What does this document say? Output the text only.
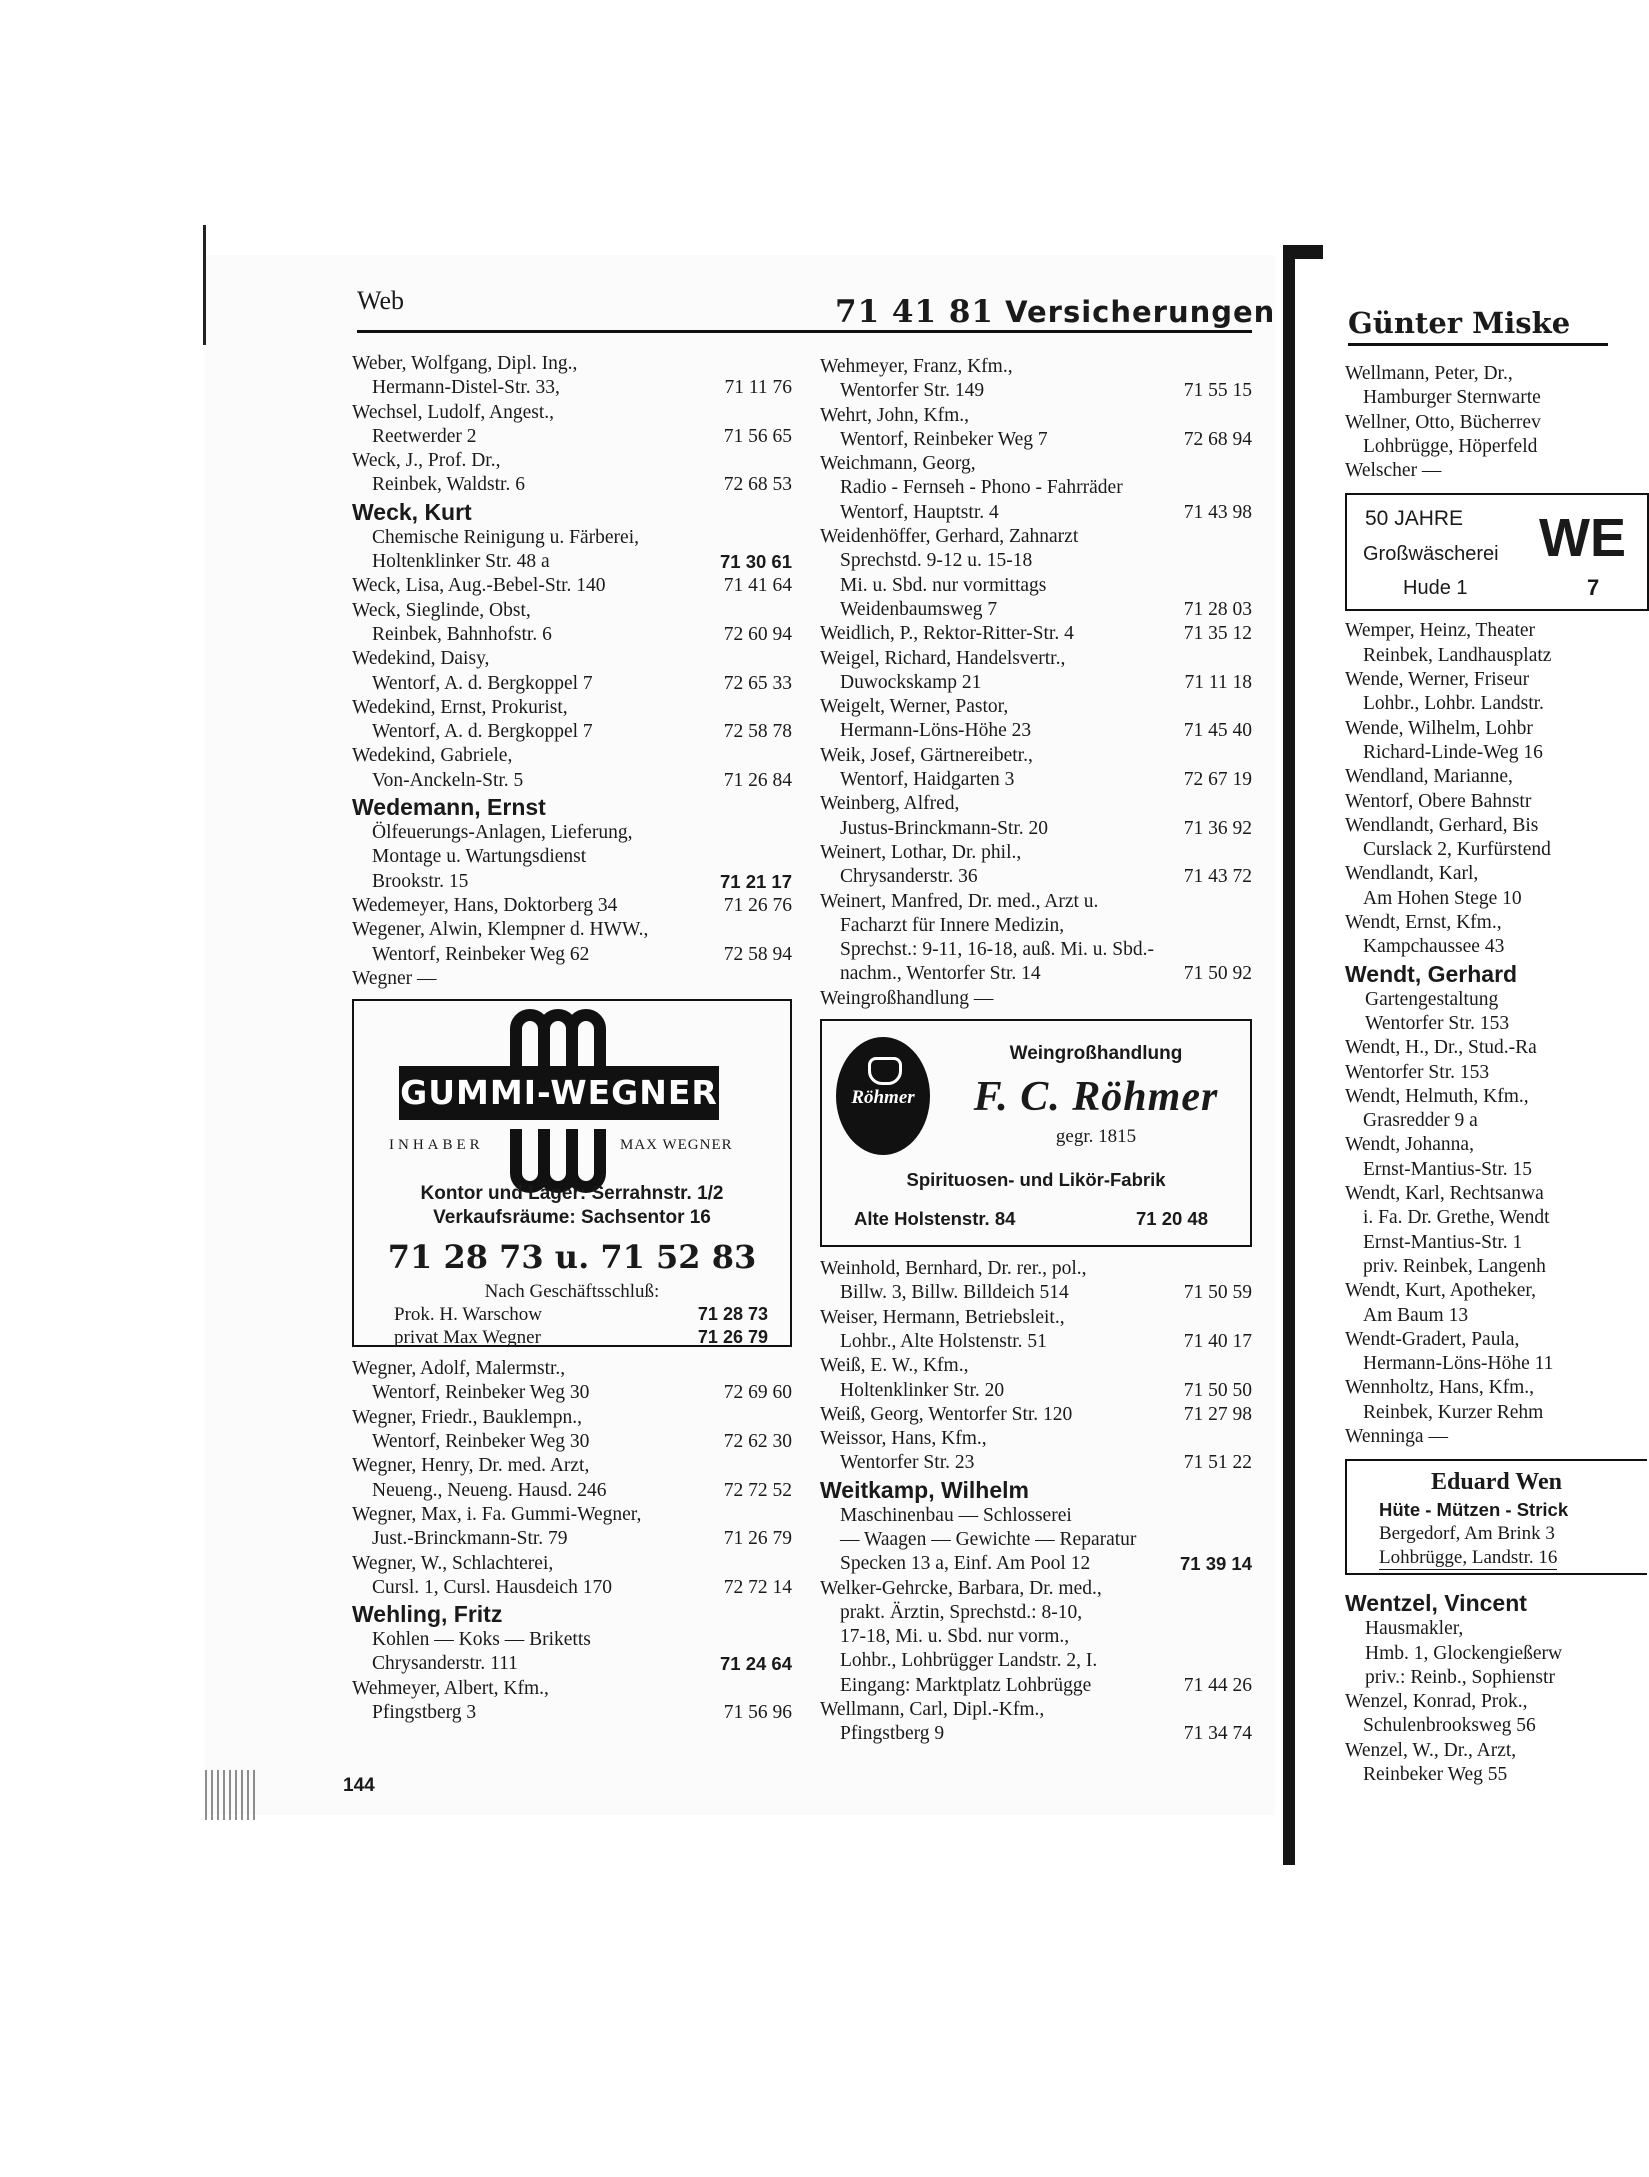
Web	71 41 81 Versicherungen	Günter Miske
Weber, Wolfgang, Dipl. Ing.,
Hermann-Distel-Str. 33,	71 11 76
Wechsel, Ludolf, Angest.,
Reetwerder 2	71 56 65
Weck, J., Prof. Dr.,
Reinbek, Waldstr. 6	72 68 53
Weck, Kurt
Chemische Reinigung u. Färberei,
Holtenklinker Str. 48 a	71 30 61
Weck, Lisa, Aug.-Bebel-Str. 140	71 41 64
Weck, Sieglinde, Obst,
Reinbek, Bahnhofstr. 6	72 60 94
Wedekind, Daisy,
Wentorf, A. d. Bergkoppel 7	72 65 33
Wedekind, Ernst, Prokurist,
Wentorf, A. d. Bergkoppel 7	72 58 78
Wedekind, Gabriele,
Von-Anckeln-Str. 5	71 26 84
Wedemann, Ernst
Ölfeuerungs-Anlagen, Lieferung,
Montage u. Wartungsdienst
Brookstr. 15	71 21 17
Wedemeyer, Hans, Doktorberg 34	71 26 76
Wegener, Alwin, Klempner d. HWW.,
Wentorf, Reinbeker Weg 62	72 58 94
Wegner —
GUMMI-WEGNER
INHABER	MAX WEGNER
Kontor und Lager: Serrahnstr. 1/2
Verkaufsräume: Sachsentor 16
71 28 73 u. 71 52 83
Nach Geschäftsschluß:
Prok. H. Warschow	71 28 73
privat Max Wegner	71 26 79
Wegner, Adolf, Malermstr.,
Wentorf, Reinbeker Weg 30	72 69 60
Wegner, Friedr., Bauklempn.,
Wentorf, Reinbeker Weg 30	72 62 30
Wegner, Henry, Dr. med. Arzt,
Neueng., Neueng. Hausd. 246	72 72 52
Wegner, Max, i. Fa. Gummi-Wegner,
Just.-Brinckmann-Str. 79	71 26 79
Wegner, W., Schlachterei,
Cursl. 1, Cursl. Hausdeich 170	72 72 14
Wehling, Fritz
Kohlen — Koks — Briketts
Chrysanderstr. 111	71 24 64
Wehmeyer, Albert, Kfm.,
Pfingstberg 3	71 56 96
Wehmeyer, Franz, Kfm.,
Wentorfer Str. 149	71 55 15
Wehrt, John, Kfm.,
Wentorf, Reinbeker Weg 7	72 68 94
Weichmann, Georg,
Radio - Fernseh - Phono - Fahrräder
Wentorf, Hauptstr. 4	71 43 98
Weidenhöffer, Gerhard, Zahnarzt
Sprechstd. 9-12 u. 15-18
Mi. u. Sbd. nur vormittags
Weidenbaumsweg 7	71 28 03
Weidlich, P., Rektor-Ritter-Str. 4	71 35 12
Weigel, Richard, Handelsvertr.,
Duwockskamp 21	71 11 18
Weigelt, Werner, Pastor,
Hermann-Löns-Höhe 23	71 45 40
Weik, Josef, Gärtnereibetr.,
Wentorf, Haidgarten 3	72 67 19
Weinberg, Alfred,
Justus-Brinckmann-Str. 20	71 36 92
Weinert, Lothar, Dr. phil.,
Chrysanderstr. 36	71 43 72
Weinert, Manfred, Dr. med., Arzt u.
Facharzt für Innere Medizin,
Sprechst.: 9-11, 16-18, auß. Mi. u. Sbd.-
nachm., Wentorfer Str. 14	71 50 92
Weingroßhandlung —
Röhmer
Weingroßhandlung
F. C. Röhmer
gegr. 1815
Spirituosen- und Likör-Fabrik
Alte Holstenstr. 84	71 20 48
Weinhold, Bernhard, Dr. rer., pol.,
Billw. 3, Billw. Billdeich 514	71 50 59
Weiser, Hermann, Betriebsleit.,
Lohbr., Alte Holstenstr. 51	71 40 17
Weiß, E. W., Kfm.,
Holtenklinker Str. 20	71 50 50
Weiß, Georg, Wentorfer Str. 120	71 27 98
Weissor, Hans, Kfm.,
Wentorfer Str. 23	71 51 22
Weitkamp, Wilhelm
Maschinenbau — Schlosserei
— Waagen — Gewichte — Reparatur
Specken 13 a, Einf. Am Pool 12	71 39 14
Welker-Gehrcke, Barbara, Dr. med.,
prakt. Ärztin, Sprechstd.: 8-10,
17-18, Mi. u. Sbd. nur vorm.,
Lohbr., Lohbrügger Landstr. 2, I.
Eingang: Marktplatz Lohbrügge	71 44 26
Wellmann, Carl, Dipl.-Kfm.,
Pfingstberg 9	71 34 74
Wellmann, Peter, Dr.,
Hamburger Sternwarte
Wellner, Otto, Bücherrev
Lohbrügge, Höperfeld
Welscher —
50 JAHRE
Großwäscherei
Hude 1
WE
7
Wemper, Heinz, Theater
Reinbek, Landhausplatz
Wende, Werner, Friseur
Lohbr., Lohbr. Landstr.
Wende, Wilhelm, Lohbr
Richard-Linde-Weg 16
Wendland, Marianne,
Wentorf, Obere Bahnstr
Wendlandt, Gerhard, Bis
Curslack 2, Kurfürstend
Wendlandt, Karl,
Am Hohen Stege 10
Wendt, Ernst, Kfm.,
Kampchaussee 43
Wendt, Gerhard
Gartengestaltung
Wentorfer Str. 153
Wendt, H., Dr., Stud.-Ra
Wentorfer Str. 153
Wendt, Helmuth, Kfm.,
Grasredder 9 a
Wendt, Johanna,
Ernst-Mantius-Str. 15
Wendt, Karl, Rechtsanwa
i. Fa. Dr. Grethe, Wendt
Ernst-Mantius-Str. 1
priv. Reinbek, Langenh
Wendt, Kurt, Apotheker,
Am Baum 13
Wendt-Gradert, Paula,
Hermann-Löns-Höhe 11
Wennholtz, Hans, Kfm.,
Reinbek, Kurzer Rehm
Wenninga —
Eduard Wen
Hüte - Mützen - Strick
Bergedorf, Am Brink 3
Lohbrügge, Landstr. 16
Wentzel, Vincent
Hausmakler,
Hmb. 1, Glockengießerw
priv.: Reinb., Sophienstr
Wenzel, Konrad, Prok.,
Schulenbrooksweg 56
Wenzel, W., Dr., Arzt,
Reinbeker Weg 55
144
